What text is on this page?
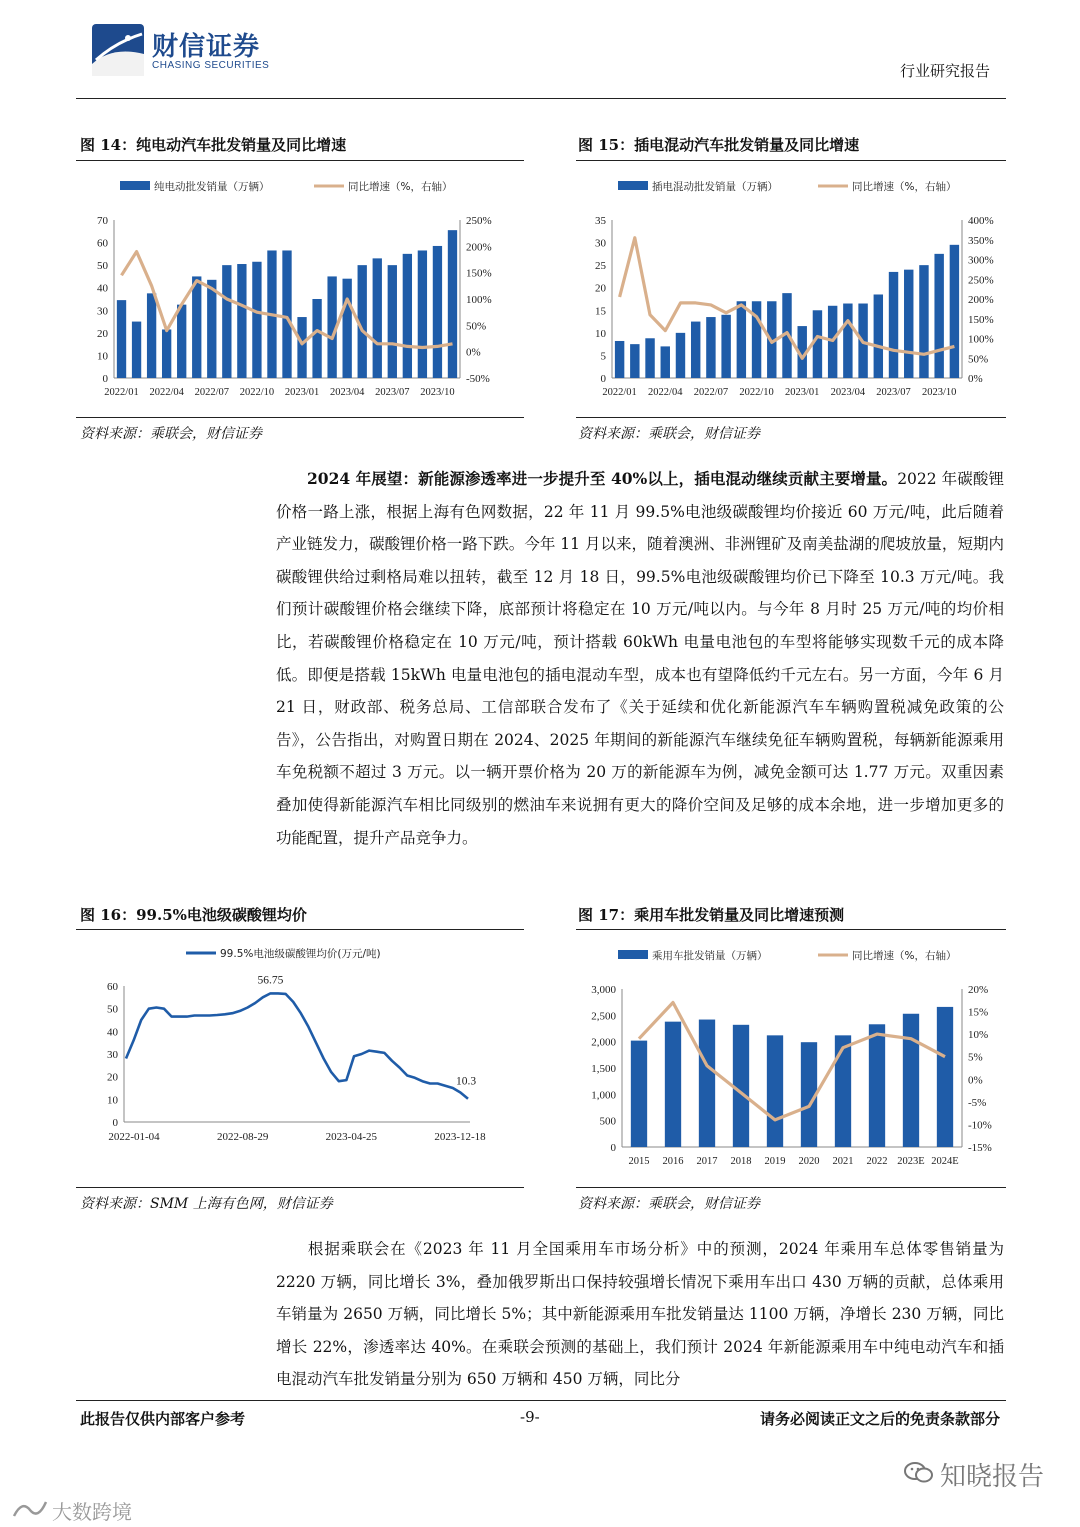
财信证券
CHASING SECURITIES	行业研究报告
图 14：纯电动汽车批发销量及同比增速
纯电动批发销量（万辆）	同比增速（%，右轴）
0
10
20
30
40
50
60
70
-50%
0%
50%
100%
150%
200%
250%
2022/01 2022/04 2022/07 2022/10 2023/01 2023/04 2023/07 2023/10
资料来源：乘联会，财信证券
图 15：插电混动汽车批发销量及同比增速
插电混动批发销量（万辆）	同比增速（%，右轴）
0
5
10
15
20
25
30
35
0%
50%
100%
150%
200%
250%
300%
350%
400%
2022/01 2022/04 2022/07 2022/10 2023/01 2023/04 2023/07 2023/10
资料来源：乘联会，财信证券
2024 年展望：新能源渗透率进一步提升至 40%以上，插电混动继续贡献主要增量。2022 年碳酸锂价格一路上涨，根据上海有色网数据，22 年 11 月 99.5%电池级碳酸锂均价接近 60 万元/吨，此后随着产业链发力，碳酸锂价格一路下跌。今年 11 月以来，随着澳洲、非洲锂矿及南美盐湖的爬坡放量，短期内碳酸锂供给过剩格局难以扭转，截至 12 月 18 日，99.5%电池级碳酸锂均价已下降至 10.3 万元/吨。我们预计碳酸锂价格会继续下降，底部预计将稳定在 10 万元/吨以内。与今年 8 月时 25 万元/吨的均价相比，若碳酸锂价格稳定在 10 万元/吨，预计搭载 60kWh 电量电池包的车型将能够实现数千元的成本降低。即便是搭载 15kWh 电量电池包的插电混动车型，成本也有望降低约千元左右。另一方面，今年 6 月 21 日，财政部、税务总局、工信部联合发布了《关于延续和优化新能源汽车车辆购置税减免政策的公告》，公告指出，对购置日期在 2024、2025 年期间的新能源汽车继续免征车辆购置税，每辆新能源乘用车免税额不超过 3 万元。以一辆开票价格为 20 万的新能源车为例，减免金额可达 1.77 万元。双重因素叠加使得新能源汽车相比同级别的燃油车来说拥有更大的降价空间及足够的成本余地，进一步增加更多的功能配置，提升产品竞争力。
图 16：99.5%电池级碳酸锂均价
99.5%电池级碳酸锂均价(万元/吨)
0
10
20
30
40
50
60
2022-01-04	2022-08-29	2023-04-25	2023-12-18
56.75
10.3
资料来源：SMM 上海有色网，财信证券
图 17：乘用车批发销量及同比增速预测
乘用车批发销量（万辆）	同比增速（%，右轴）
0
500
1,000
1,500
2,000
2,500
3,000
-15%
-10%
-5%
0%
5%
10%
15%
20%
2015 2016 2017 2018 2019 2020 2021 2022 2023E 2024E
资料来源：乘联会，财信证券
根据乘联会在《2023 年 11 月全国乘用车市场分析》中的预测，2024 年乘用车总体零售销量为 2220 万辆，同比增长 3%，叠加俄罗斯出口保持较强增长情况下乘用车出口 430 万辆的贡献，总体乘用车销量为 2650 万辆，同比增长 5%；其中新能源乘用车批发销量达 1100 万辆，净增长 230 万辆，同比增长 22%，渗透率达 40%。在乘联会预测的基础上，我们预计 2024 年新能源乘用车中纯电动汽车和插电混动汽车批发销量分别为 650 万辆和 450 万辆，同比分
此报告仅供内部客户参考	-9-	请务必阅读正文之后的免责条款部分
知晓报告
大数跨境
